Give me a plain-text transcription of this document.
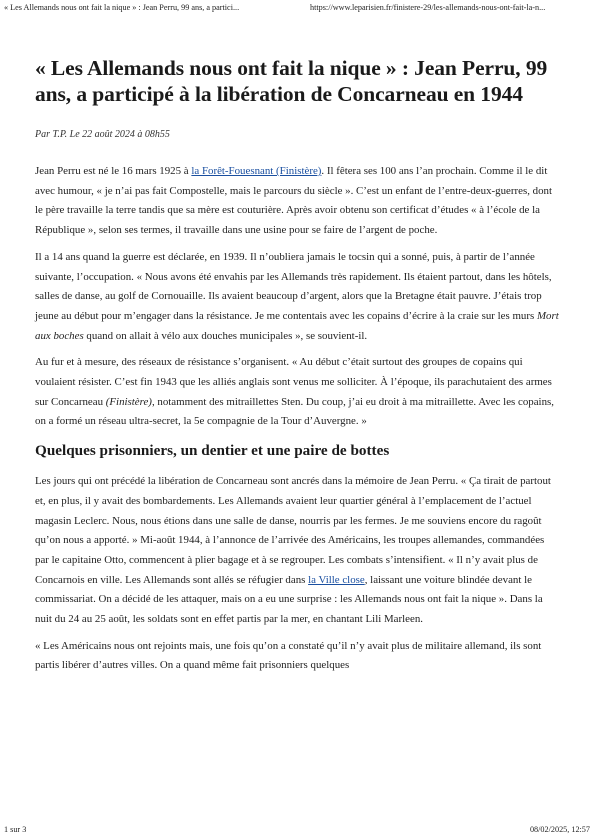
« Les Allemands nous ont fait la nique » : Jean Perru, 99 ans, a partici...	https://www.leparisien.fr/finistere-29/les-allemands-nous-ont-fait-la-n...
« Les Allemands nous ont fait la nique » : Jean Perru, 99 ans, a participé à la libération de Concarneau en 1944
Par T.P. Le 22 août 2024 à 08h55

Jean Perru est né le 16 mars 1925 à la Forêt-Fouesnant (Finistère). Il fêtera ses 100 ans l’an prochain. Comme il le dit avec humour, « je n’ai pas fait Compostelle, mais le parcours du siècle ». C’est un enfant de l’entre-deux-guerres, dont le père travaille la terre tandis que sa mère est couturière. Après avoir obtenu son certificat d’études « à l’école de la République », selon ses termes, il travaille dans une usine pour se faire de l’argent de poche.

Il a 14 ans quand la guerre est déclarée, en 1939. Il n’oubliera jamais le tocsin qui a sonné, puis, à partir de l’année suivante, l’occupation. « Nous avons été envahis par les Allemands très rapidement. Ils étaient partout, dans les hôtels, salles de danse, au golf de Cornouaille. Ils avaient beaucoup d’argent, alors que la Bretagne était pauvre. J’étais trop jeune au début pour m’engager dans la résistance. Je me contentais avec les copains d’écrire à la craie sur les murs Mort aux boches quand on allait à vélo aux douches municipales », se souvient-il.

Au fur et à mesure, des réseaux de résistance s’organisent. « Au début c’était surtout des groupes de copains qui voulaient résister. C’est fin 1943 que les alliés anglais sont venus me solliciter. À l’époque, ils parachutaient des armes sur Concarneau (Finistère), notamment des mitraillettes Sten. Du coup, j’ai eu droit à ma mitraillette. Avec les copains, on a formé un réseau ultra-secret, la 5e compagnie de la Tour d’Auvergne. »

Quelques prisonniers, un dentier et une paire de bottes

Les jours qui ont précédé la libération de Concarneau sont ancrés dans la mémoire de Jean Perru. « Ça tirait de partout et, en plus, il y avait des bombardements. Les Allemands avaient leur quartier général à l’emplacement de l’actuel magasin Leclerc. Nous, nous étions dans une salle de danse, nourris par les fermes. Je me souviens encore du ragoût qu’on nous a apporté. » Mi-août 1944, à l’annonce de l’arrivée des Américains, les troupes allemandes, commandées par le capitaine Otto, commencent à plier bagage et à se regrouper. Les combats s’intensifient. « Il n’y avait plus de Concarnois en ville. Les Allemands sont allés se réfugier dans la Ville close, laissant une voiture blindée devant le commissariat. On a décidé de les attaquer, mais on a eu une surprise : les Allemands nous ont fait la nique ». Dans la nuit du 24 au 25 août, les soldats sont en effet partis par la mer, en chantant Lili Marleen.

« Les Américains nous ont rejoints mais, une fois qu’on a constaté qu’il n’y avait plus de militaire allemand, ils sont partis libérer d’autres villes. On a quand même fait prisonniers quelques

1 sur 3	08/02/2025, 12:57
